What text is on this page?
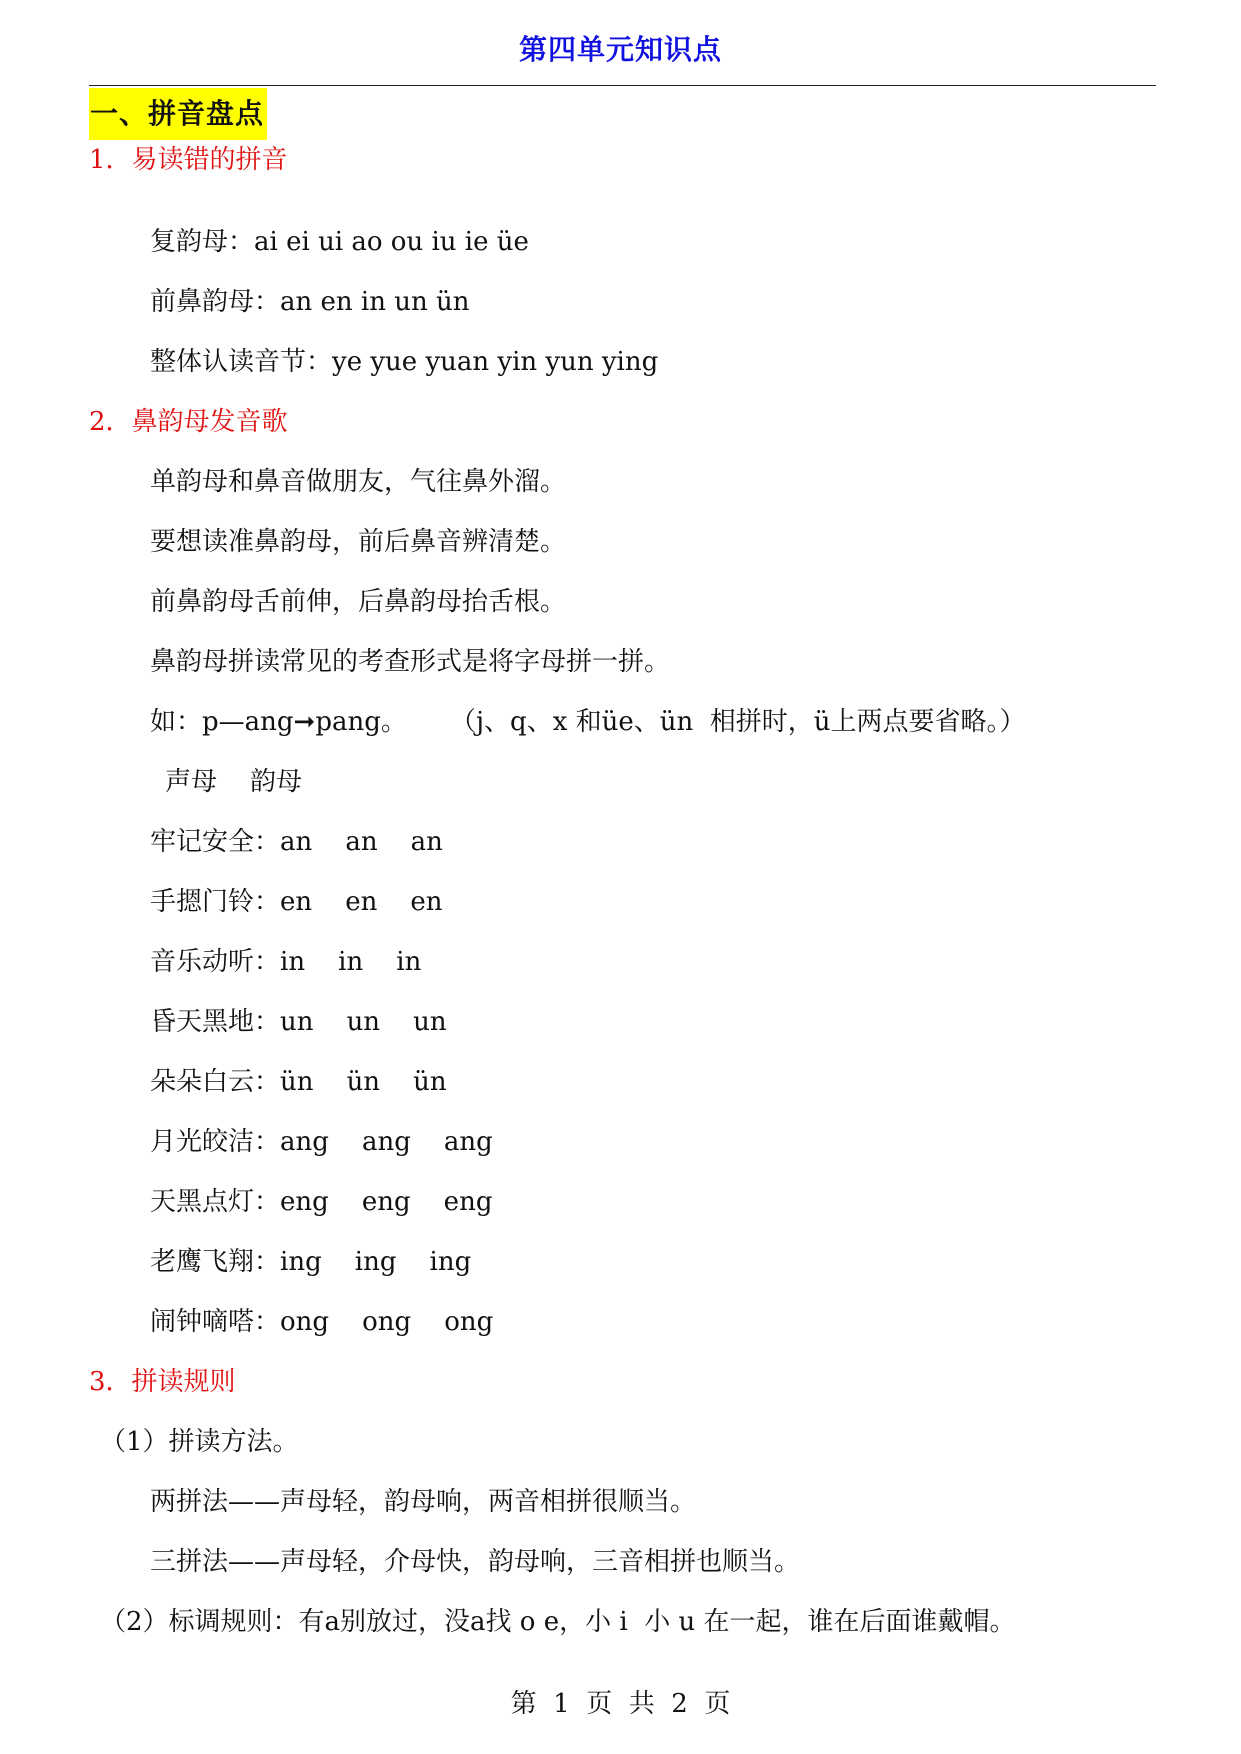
第四单元知识点
一、拼音盘点
1．易读错的拼音
复韵母：ai ei ui ao ou iu ie üe
前鼻韵母：an en in un ün
整体认读音节：ye yue yuan yin yun ying
2．鼻韵母发音歌
单韵母和鼻音做朋友，气往鼻外溜。
要想读准鼻韵母，前后鼻音辨清楚。
前鼻韵母舌前伸，后鼻韵母抬舌根。
鼻韵母拼读常见的考查形式是将字母拼一拼。
如：p—ang➞pang。 （j、q、x 和üe、ün  相拼时，ü上两点要省略。）
声母 韵母
牢记安全：an    an    an
手摁门铃：en    en    en
音乐动听：in    in    in
昏天黑地：un    un    un
朵朵白云：ün    ün    ün
月光皎洁：ang    ang    ang
天黑点灯：eng    eng    eng
老鹰飞翔：ing    ing    ing
闹钟嘀嗒：ong    ong    ong
3．拼读规则
（1）拼读方法。
两拼法——声母轻，韵母响，两音相拼很顺当。
三拼法——声母轻，介母快，韵母响，三音相拼也顺当。
（2）标调规则：有a别放过，没a找 o e，小 i  小 u 在一起，谁在后面谁戴帽。
第  1  页  共  2  页
